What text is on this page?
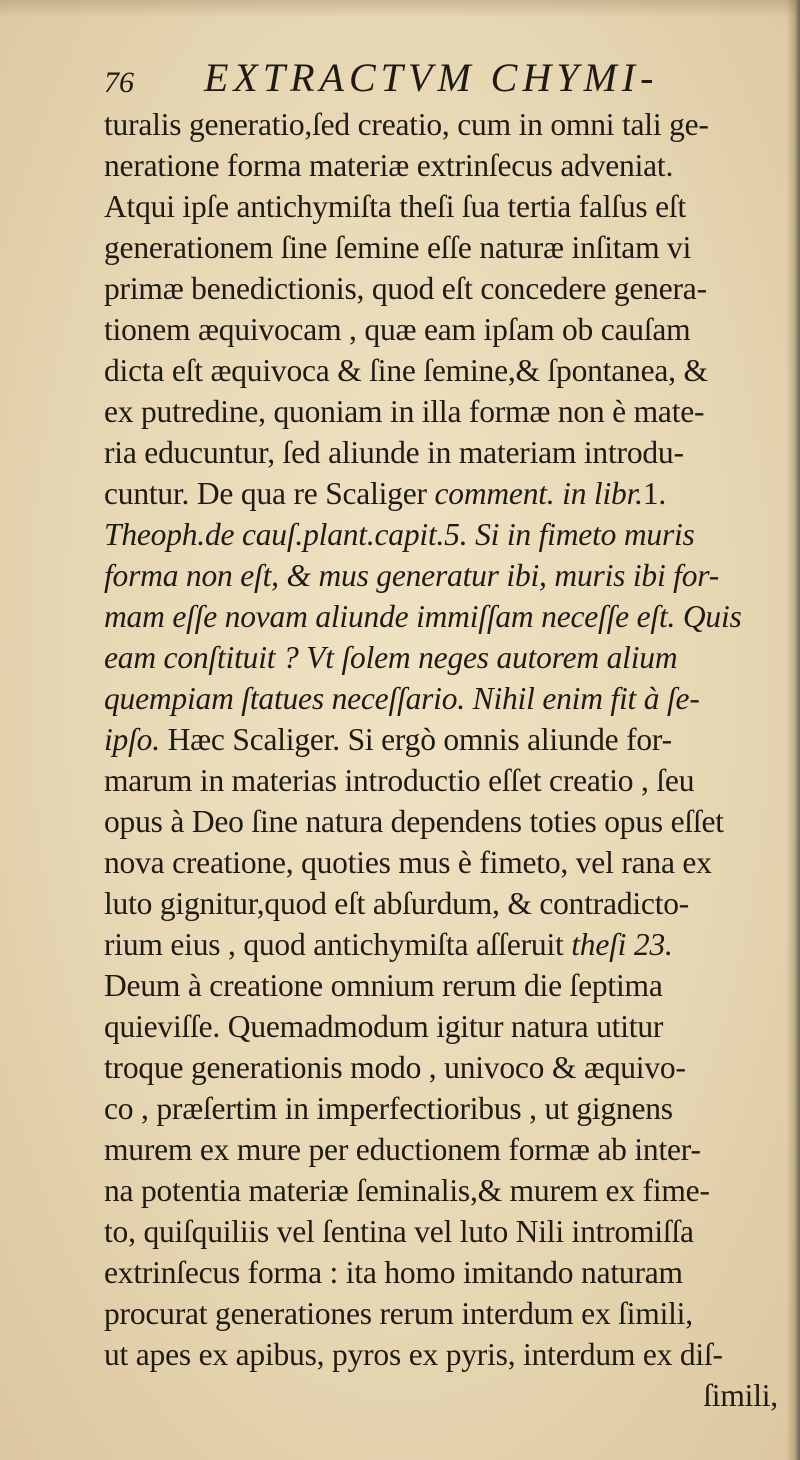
76 EXTRACTVM CHYMI-
turalis generatio,ſed creatio, cum in omni tali ge-
neratione forma materiæ extrinſecus adveniat.
Atqui ipſe antichymiſta theſi ſua tertia falſus eſt
generationem ſine ſemine eſſe naturæ inſitam vi
primæ benedictionis, quod eſt concedere genera-
tionem æquivocam , quæ eam ipſam ob cauſam
dicta eſt æquivoca & ſine ſemine,& ſpontanea, &
ex putredine, quoniam in illa formæ non è mate-
ria educuntur, ſed aliunde in materiam introdu-
cuntur. De qua re Scaliger comment. in libr.1.
Theoph.de cauſ.plant.capit.5. Si in fimeto muris
forma non eſt, & mus generatur ibi, muris ibi for-
mam eſſe novam aliunde immiſſam neceſſe eſt. Quis
eam conſtituit ? Vt ſolem neges autorem alium
quempiam ſtatues neceſſario. Nihil enim fit à ſe-
ipſo. Hæc Scaliger. Si ergò omnis aliunde for-
marum in materias introductio eſſet creatio , ſeu
opus à Deo ſine natura dependens toties opus eſſet
nova creatione, quoties mus è fimeto, vel rana ex
luto gignitur,quod eſt abſurdum, & contradicto-
rium eius , quod antichymiſta aſſeruit theſi 23.
Deum à creatione omnium rerum die ſeptima
quieviſſe. Quemadmodum igitur natura utitur
troque generationis modo , univoco & æquivo-
co , præſertim in imperfectioribus , ut gignens
murem ex mure per eductionem formæ ab inter-
na potentia materiæ ſeminalis,& murem ex fime-
to, quiſquiliis vel ſentina vel luto Nili intromiſſa
extrinſecus forma : ita homo imitando naturam
procurat generationes rerum interdum ex ſimili,
ut apes ex apibus, pyros ex pyris, interdum ex diſ-
ſimili,
